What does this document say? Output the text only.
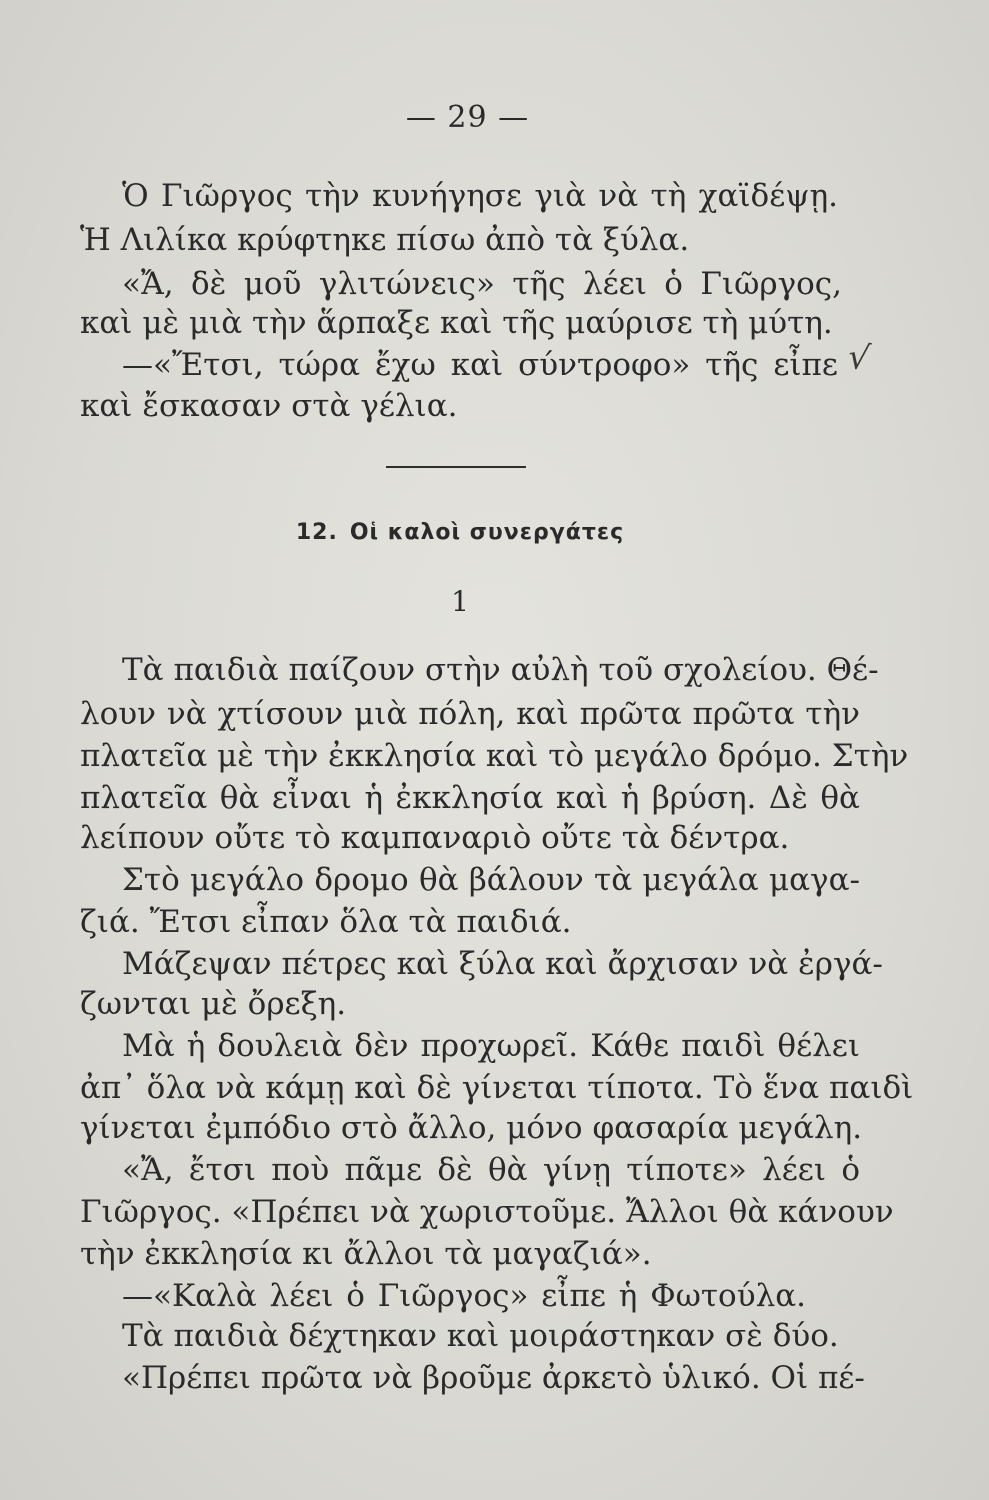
— 29 —
Ὁ Γιῶργος τὴν κυνήγησε γιὰ νὰ τὴ χαϊδέψῃ.
Ἡ Λιλίκα κρύφτηκε πίσω ἀπὸ τὰ ξύλα.
«Ἄ, δὲ μοῦ γλιτώνεις» τῆς λέει ὁ Γιῶργος,
καὶ μὲ μιὰ τὴν ἅρπαξε καὶ τῆς μαύρισε τὴ μύτη.
—«Ἔτσι, τώρα ἔχω καὶ σύντροφο» τῆς εἶπε
καὶ ἔσκασαν στὰ γέλια.
√
12. Οἱ καλοὶ συνεργάτες
1
Τὰ παιδιὰ παίζουν στὴν αὐλὴ τοῦ σχολείου. Θέ-
λουν νὰ χτίσουν μιὰ πόλη, καὶ πρῶτα πρῶτα τὴν
πλατεῖα μὲ τὴν ἐκκλησία καὶ τὸ μεγάλο δρόμο. Στὴν
πλατεῖα θὰ εἶναι ἡ ἐκκλησία καὶ ἡ βρύση. Δὲ θὰ
λείπουν οὔτε τὸ καμπαναριὸ οὔτε τὰ δέντρα.
Στὸ μεγάλο δρομο θὰ βάλουν τὰ μεγάλα μαγα-
ζιά. Ἔτσι εἶπαν ὅλα τὰ παιδιά.
Μάζεψαν πέτρες καὶ ξύλα καὶ ἄρχισαν νὰ ἐργά-
ζωνται μὲ ὄρεξη.
Μὰ ἡ δουλειὰ δὲν προχωρεῖ. Κάθε παιδὶ θέλει
ἀπ᾿ ὅλα νὰ κάμῃ καὶ δὲ γίνεται τίποτα. Τὸ ἕνα παιδὶ
γίνεται ἐμπόδιο στὸ ἄλλο, μόνο φασαρία μεγάλη.
«Ἄ, ἔτσι ποὺ πᾶμε δὲ θὰ γίνῃ τίποτε» λέει ὁ
Γιῶργος. «Πρέπει νὰ χωριστοῦμε. Ἄλλοι θὰ κάνουν
τὴν ἐκκλησία κι ἄλλοι τὰ μαγαζιά».
—«Καλὰ λέει ὁ Γιῶργος» εἶπε ἡ Φωτούλα.
Τὰ παιδιὰ δέχτηκαν καὶ μοιράστηκαν σὲ δύο.
«Πρέπει πρῶτα νὰ βροῦμε ἀρκετὸ ὑλικό. Οἱ πέ-
